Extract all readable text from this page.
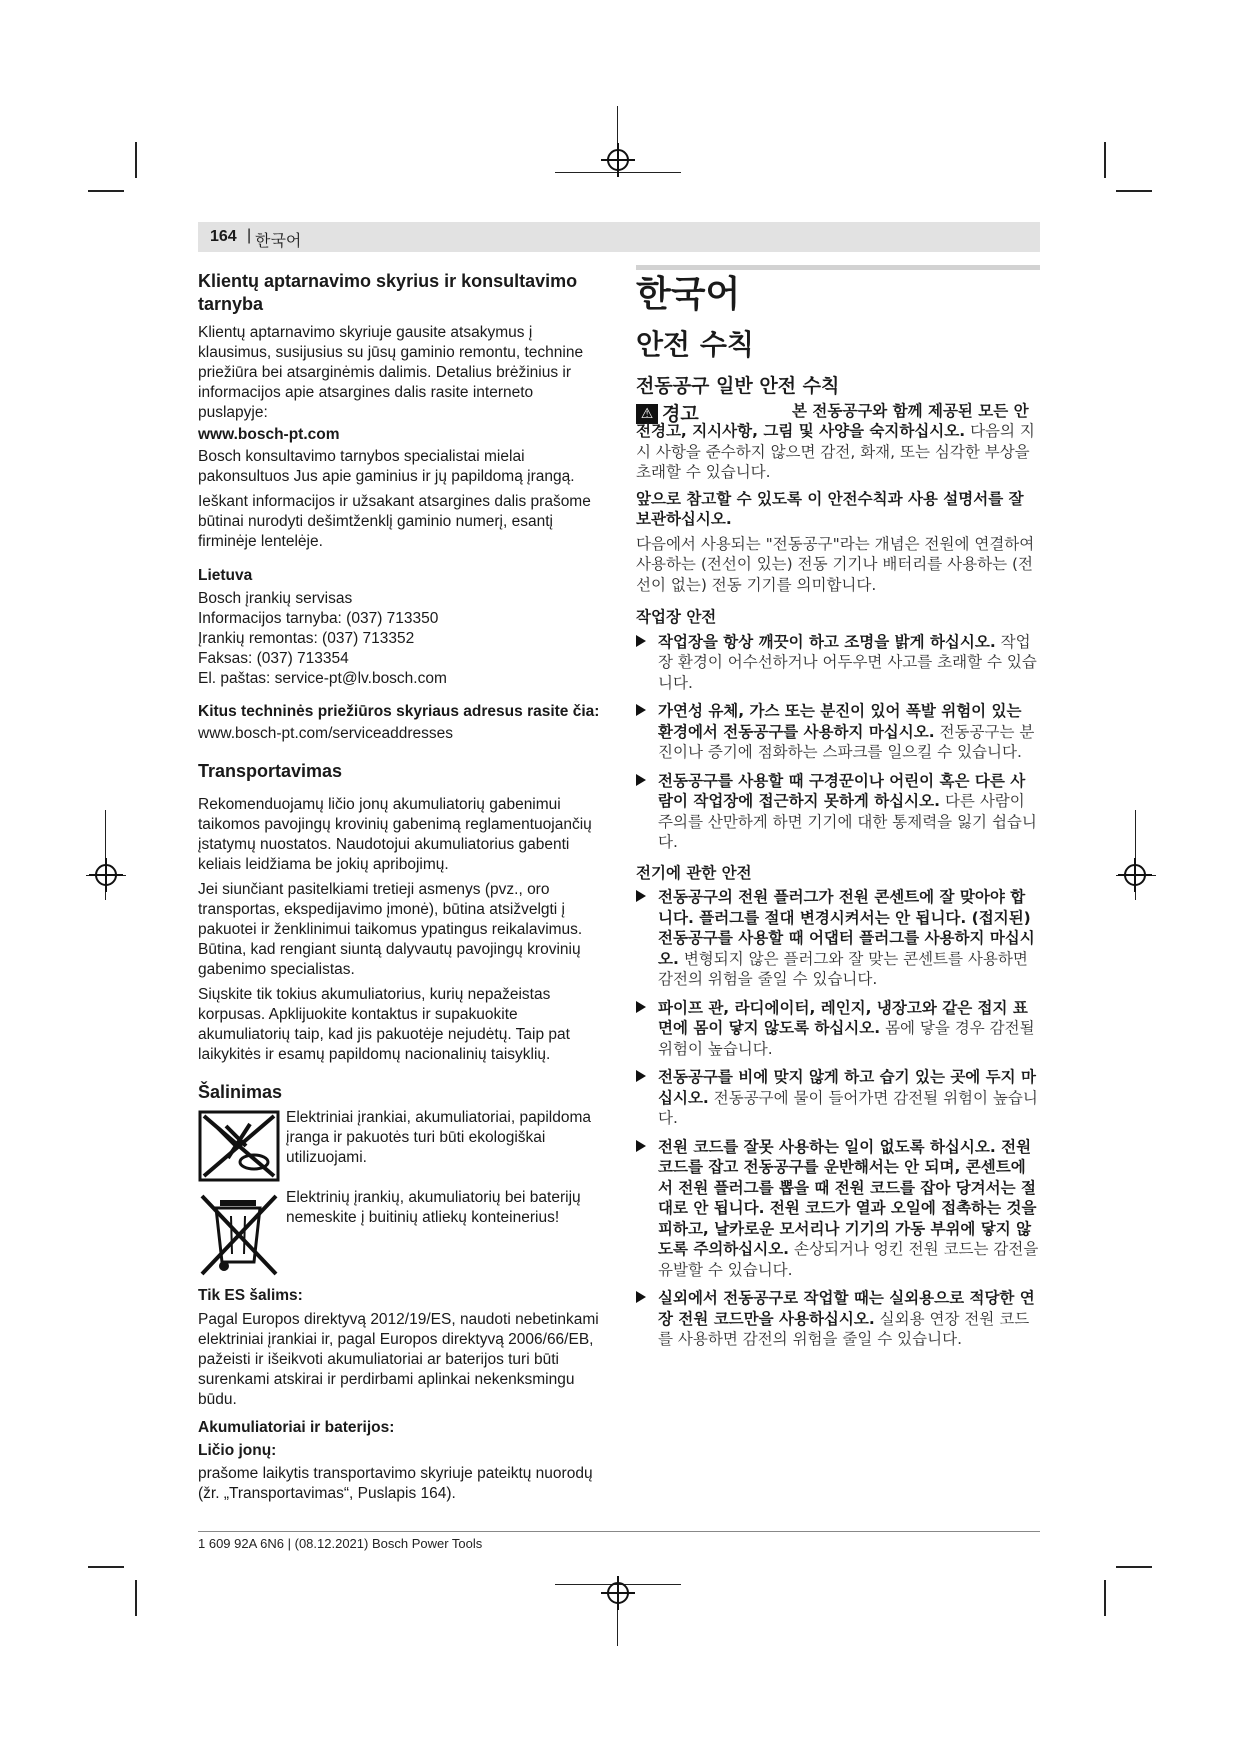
164 | 한국어
Klientų aptarnavimo skyrius ir konsultavimo tarnyba

Klientų aptarnavimo skyriuje gausite atsakymus į klausimus, susijusius su jūsų gaminio remontu, technine priežiūra bei atsarginėmis dalimis. Detalius brėžinius ir informacijos apie atsargines dalis rasite interneto puslapyje:

www.bosch-pt.com

Bosch konsultavimo tarnybos specialistai mielai pakonsultuos Jus apie gaminius ir jų papildomą įrangą.

Ieškant informacijos ir užsakant atsargines dalis prašome būtinai nurodyti dešimtženklį gaminio numerį, esantį firminėje lentelėje.

Lietuva

Bosch įrankių servisas

Informacijos tarnyba: (037) 713350

Įrankių remontas: (037) 713352

Faksas: (037) 713354

El. paštas: service-pt@lv.bosch.com

Kitus techninės priežiūros skyriaus adresus rasite čia:

www.bosch-pt.com/serviceaddresses

Transportavimas

Rekomenduojamų ličio jonų akumuliatorių gabenimui taikomos pavojingų krovinių gabenimą reglamentuojančių įstatymų nuostatos. Naudotojui akumuliatorius gabenti keliais leidžiama be jokių apribojimų.

Jei siunčiant pasitelkiami tretieji asmenys (pvz., oro transportas, ekspedijavimo įmonė), būtina atsižvelgti į pakuotei ir ženklinimui taikomus ypatingus reikalavimus. Būtina, kad rengiant siuntą dalyvautų pavojingų krovinių gabenimo specialistas.

Siųskite tik tokius akumuliatorius, kurių nepažeistas korpusas. Apklijuokite kontaktus ir supakuokite akumuliatorių taip, kad jis pakuotėje nejudėtų. Taip pat laikykitės ir esamų papildomų nacionalinių taisyklių.

Šalinimas

Elektriniai įrankiai, akumuliatoriai, papildoma įranga ir pakuotės turi būti ekologiškai utilizuojami.

Elektrinių įrankių, akumuliatorių bei baterijų nemeskite į buitinių atliekų konteinerius!

Tik ES šalims:

Pagal Europos direktyvą 2012/19/ES, naudoti nebetinkami elektriniai įrankiai ir, pagal Europos direktyvą 2006/66/EB, pažeisti ir išeikvoti akumuliatoriai ar baterijos turi būti surenkami atskirai ir perdirbami aplinkai nekenksmingu būdu.

Akumuliatoriai ir baterijos:

Ličio jonų:

prašome laikytis transportavimo skyriuje pateiktų nuorodų (žr. „Transportavimas“, Puslapis 164).

한국어
안전 수칙
전동공구 일반 안전 수칙
⚠ 경고	본 전동공구와 함께 제공된 모든 안전경고, 지시사항, 그림 및 사양을 숙지하십시오. 다음의 지시 사항을 준수하지 않으면 감전, 화재, 또는 심각한 부상을 초래할 수 있습니다.

앞으로 참고할 수 있도록 이 안전수칙과 사용 설명서를 잘 보관하십시오.

다음에서 사용되는 "전동공구"라는 개념은 전원에 연결하여 사용하는 (전선이 있는) 전동 기기나 배터리를 사용하는 (전선이 없는) 전동 기기를 의미합니다.

작업장 안전
작업장을 항상 깨끗이 하고 조명을 밝게 하십시오. 작업장 환경이 어수선하거나 어두우면 사고를 초래할 수 있습니다.
가연성 유체, 가스 또는 분진이 있어 폭발 위험이 있는 환경에서 전동공구를 사용하지 마십시오. 전동공구는 분진이나 증기에 점화하는 스파크를 일으킬 수 있습니다.
전동공구를 사용할 때 구경꾼이나 어린이 혹은 다른 사람이 작업장에 접근하지 못하게 하십시오. 다른 사람이 주의를 산만하게 하면 기기에 대한 통제력을 잃기 쉽습니다.
전기에 관한 안전
전동공구의 전원 플러그가 전원 콘센트에 잘 맞아야 합니다. 플러그를 절대 변경시켜서는 안 됩니다. (접지된) 전동공구를 사용할 때 어댑터 플러그를 사용하지 마십시오. 변형되지 않은 플러그와 잘 맞는 콘센트를 사용하면 감전의 위험을 줄일 수 있습니다.
파이프 관, 라디에이터, 레인지, 냉장고와 같은 접지 표면에 몸이 닿지 않도록 하십시오. 몸에 닿을 경우 감전될 위험이 높습니다.
전동공구를 비에 맞지 않게 하고 습기 있는 곳에 두지 마십시오. 전동공구에 물이 들어가면 감전될 위험이 높습니다.
전원 코드를 잘못 사용하는 일이 없도록 하십시오. 전원 코드를 잡고 전동공구를 운반해서는 안 되며, 콘센트에서 전원 플러그를 뽑을 때 전원 코드를 잡아 당겨서는 절대로 안 됩니다. 전원 코드가 열과 오일에 접촉하는 것을 피하고, 날카로운 모서리나 기기의 가동 부위에 닿지 않도록 주의하십시오. 손상되거나 엉킨 전원 코드는 감전을 유발할 수 있습니다.
실외에서 전동공구로 작업할 때는 실외용으로 적당한 연장 전원 코드만을 사용하십시오. 실외용 연장 전원 코드를 사용하면 감전의 위험을 줄일 수 있습니다.
1 609 92A 6N6 | (08.12.2021) Bosch Power Tools
